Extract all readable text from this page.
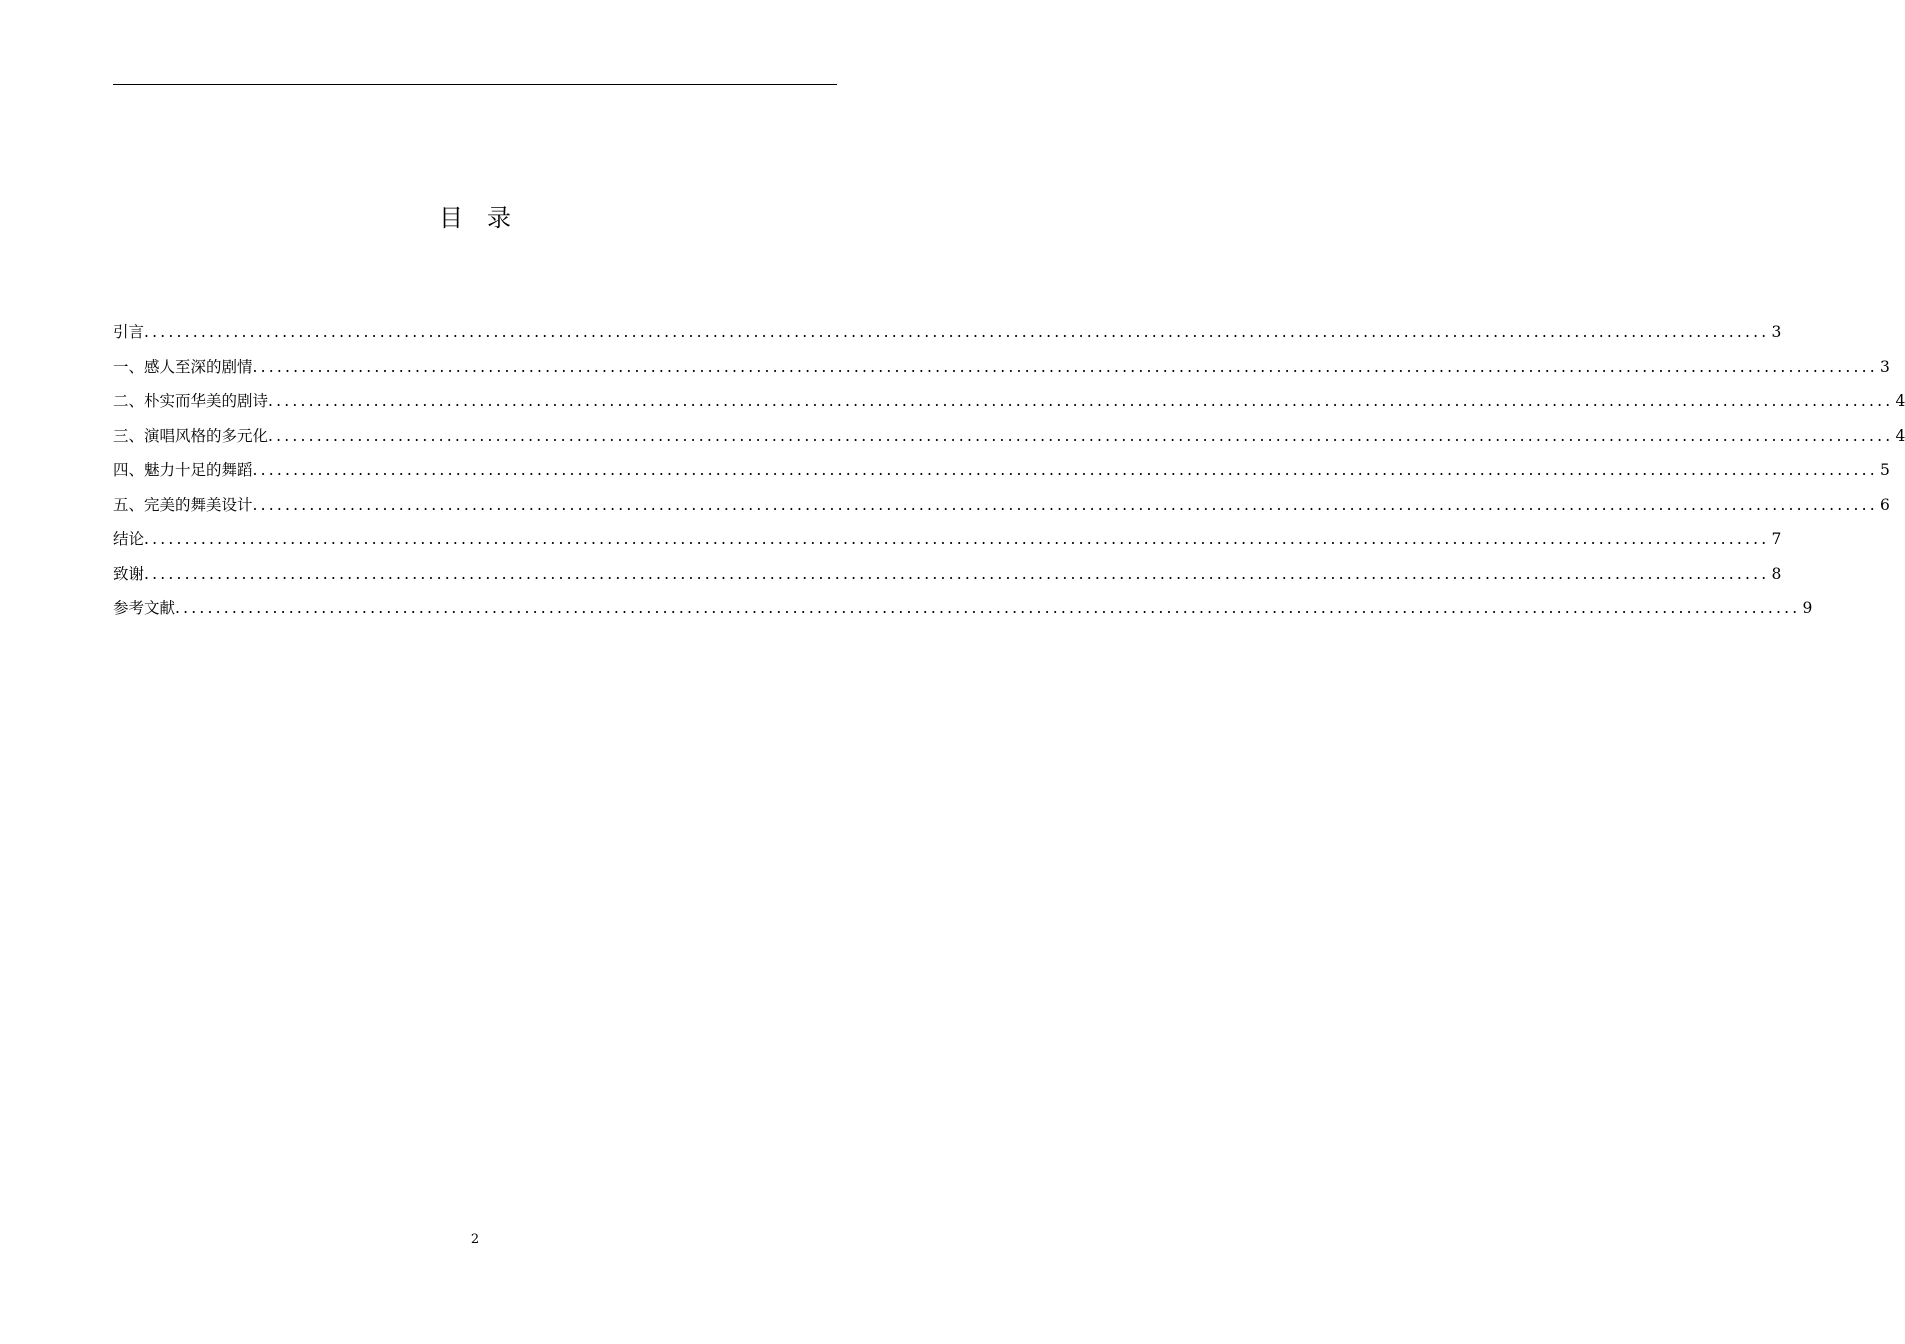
目 录
引言 ........................................................................................................................................................................................................ 3
一、感人至深的剧情 ........................................................................................................................................................................................................ 3
二、朴实而华美的剧诗 ........................................................................................................................................................................................................ 4
三、演唱风格的多元化 ........................................................................................................................................................................................................ 4
四、魅力十足的舞蹈 ........................................................................................................................................................................................................ 5
五、完美的舞美设计 ........................................................................................................................................................................................................ 6
结论 ........................................................................................................................................................................................................ 7
致谢 ........................................................................................................................................................................................................ 8
参考文献 ........................................................................................................................................................................................................ 9
2
